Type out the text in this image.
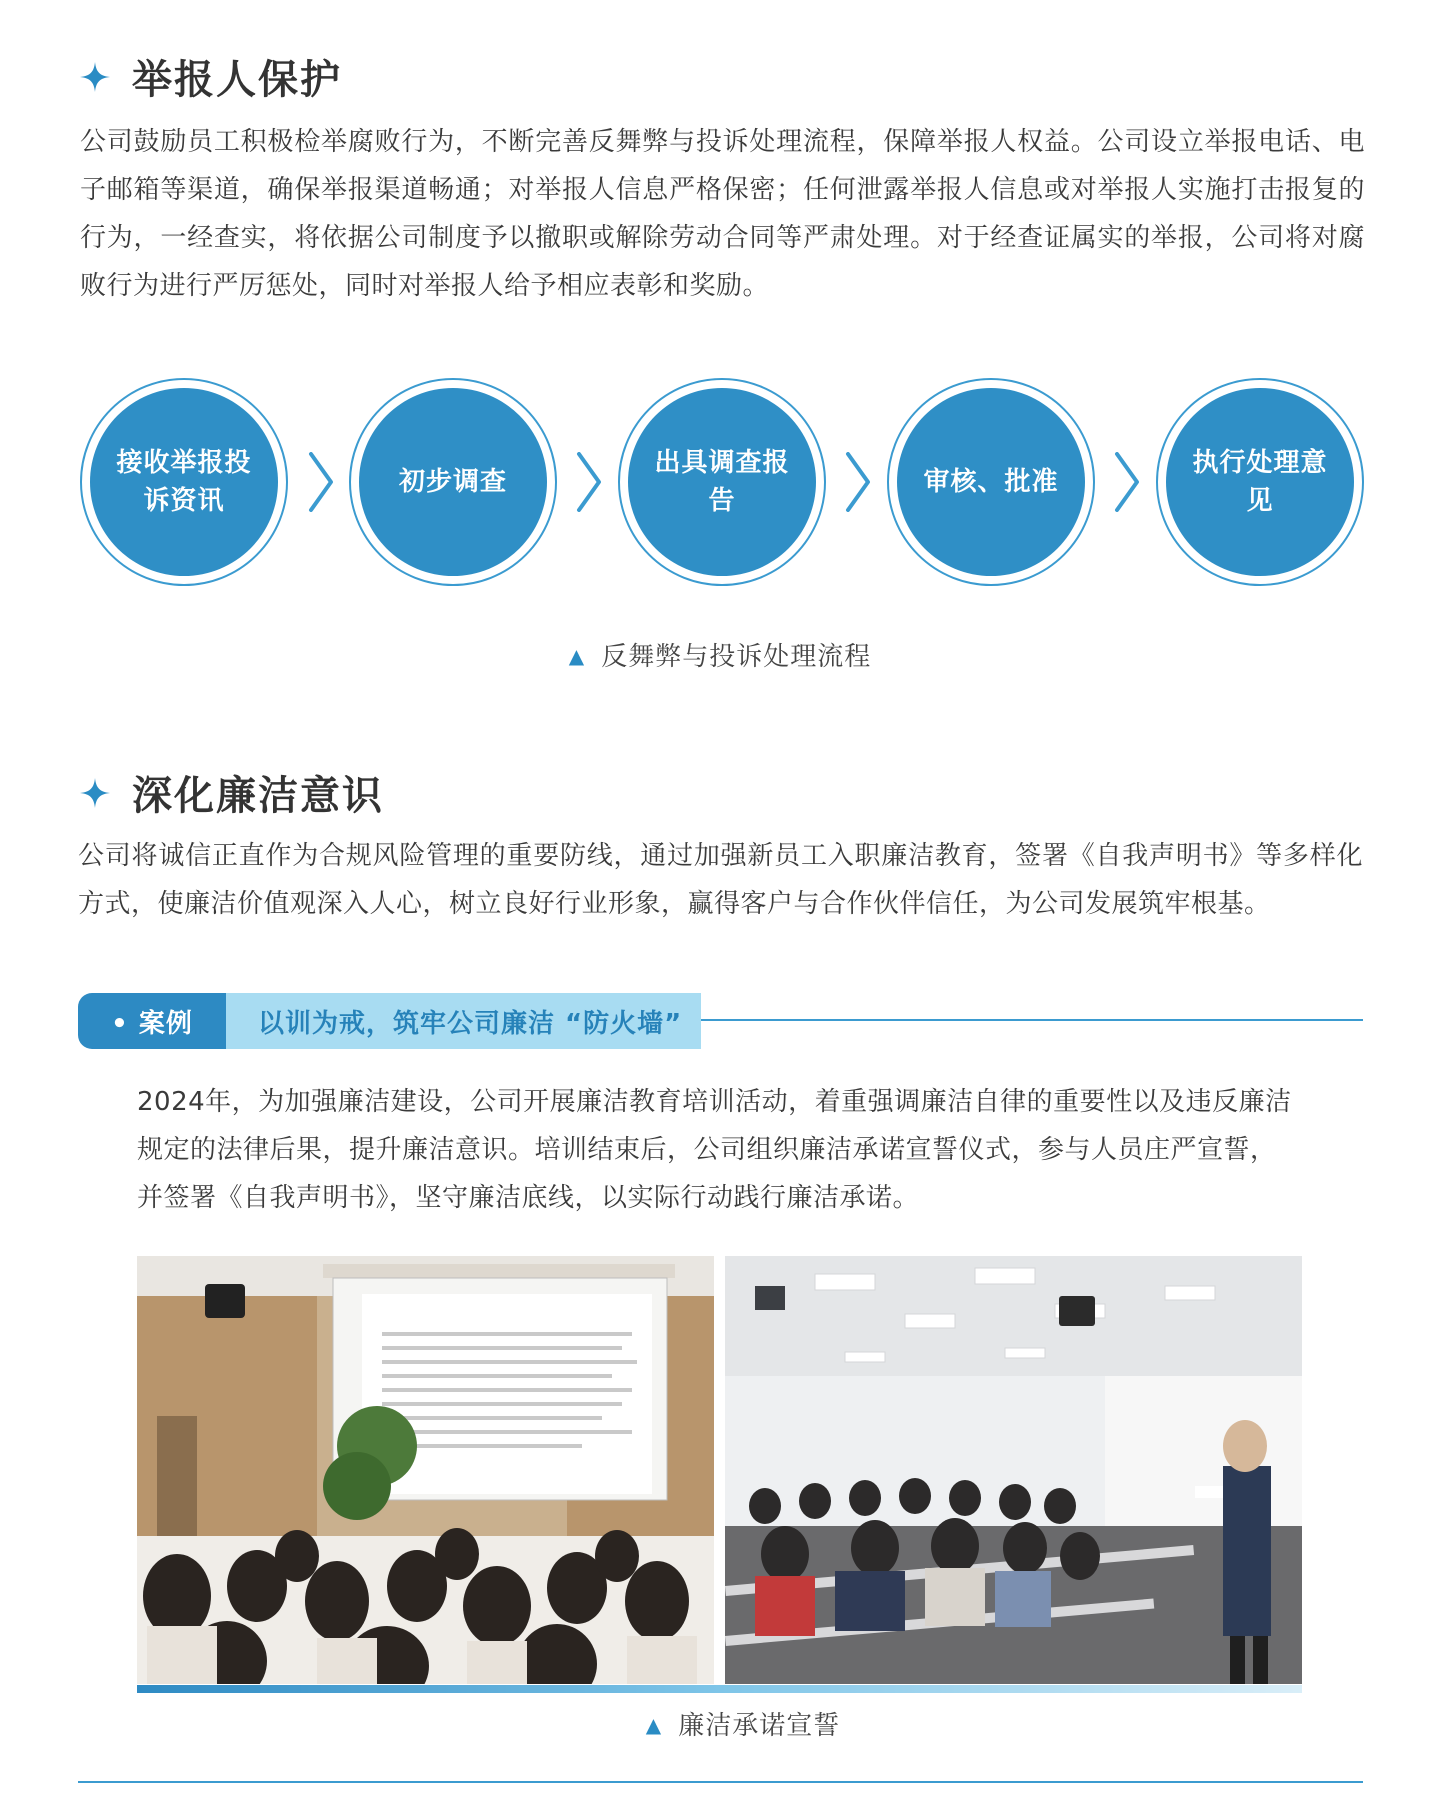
举报人保护
公司鼓励员工积极检举腐败行为，不断完善反舞弊与投诉处理流程，保障举报人权益。公司设立举报电话、电子邮箱等渠道，确保举报渠道畅通；对举报人信息严格保密；任何泄露举报人信息或对举报人实施打击报复的行为，一经查实，将依据公司制度予以撤职或解除劳动合同等严肃处理。对于经查证属实的举报，公司将对腐败行为进行严厉惩处，同时对举报人给予相应表彰和奖励。
接收举报投诉资讯
初步调查
出具调查报告
审核、批准
执行处理意见
▲ 反舞弊与投诉处理流程
深化廉洁意识
公司将诚信正直作为合规风险管理的重要防线，通过加强新员工入职廉洁教育，签署《自我声明书》等多样化方式，使廉洁价值观深入人心，树立良好行业形象，赢得客户与合作伙伴信任，为公司发展筑牢根基。
• 案例	以训为戒，筑牢公司廉洁 “防火墙”
2024年，为加强廉洁建设，公司开展廉洁教育培训活动，着重强调廉洁自律的重要性以及违反廉洁规定的法律后果，提升廉洁意识。培训结束后，公司组织廉洁承诺宣誓仪式，参与人员庄严宣誓，并签署《自我声明书》，坚守廉洁底线，以实际行动践行廉洁承诺。
▲ 廉洁承诺宣誓
